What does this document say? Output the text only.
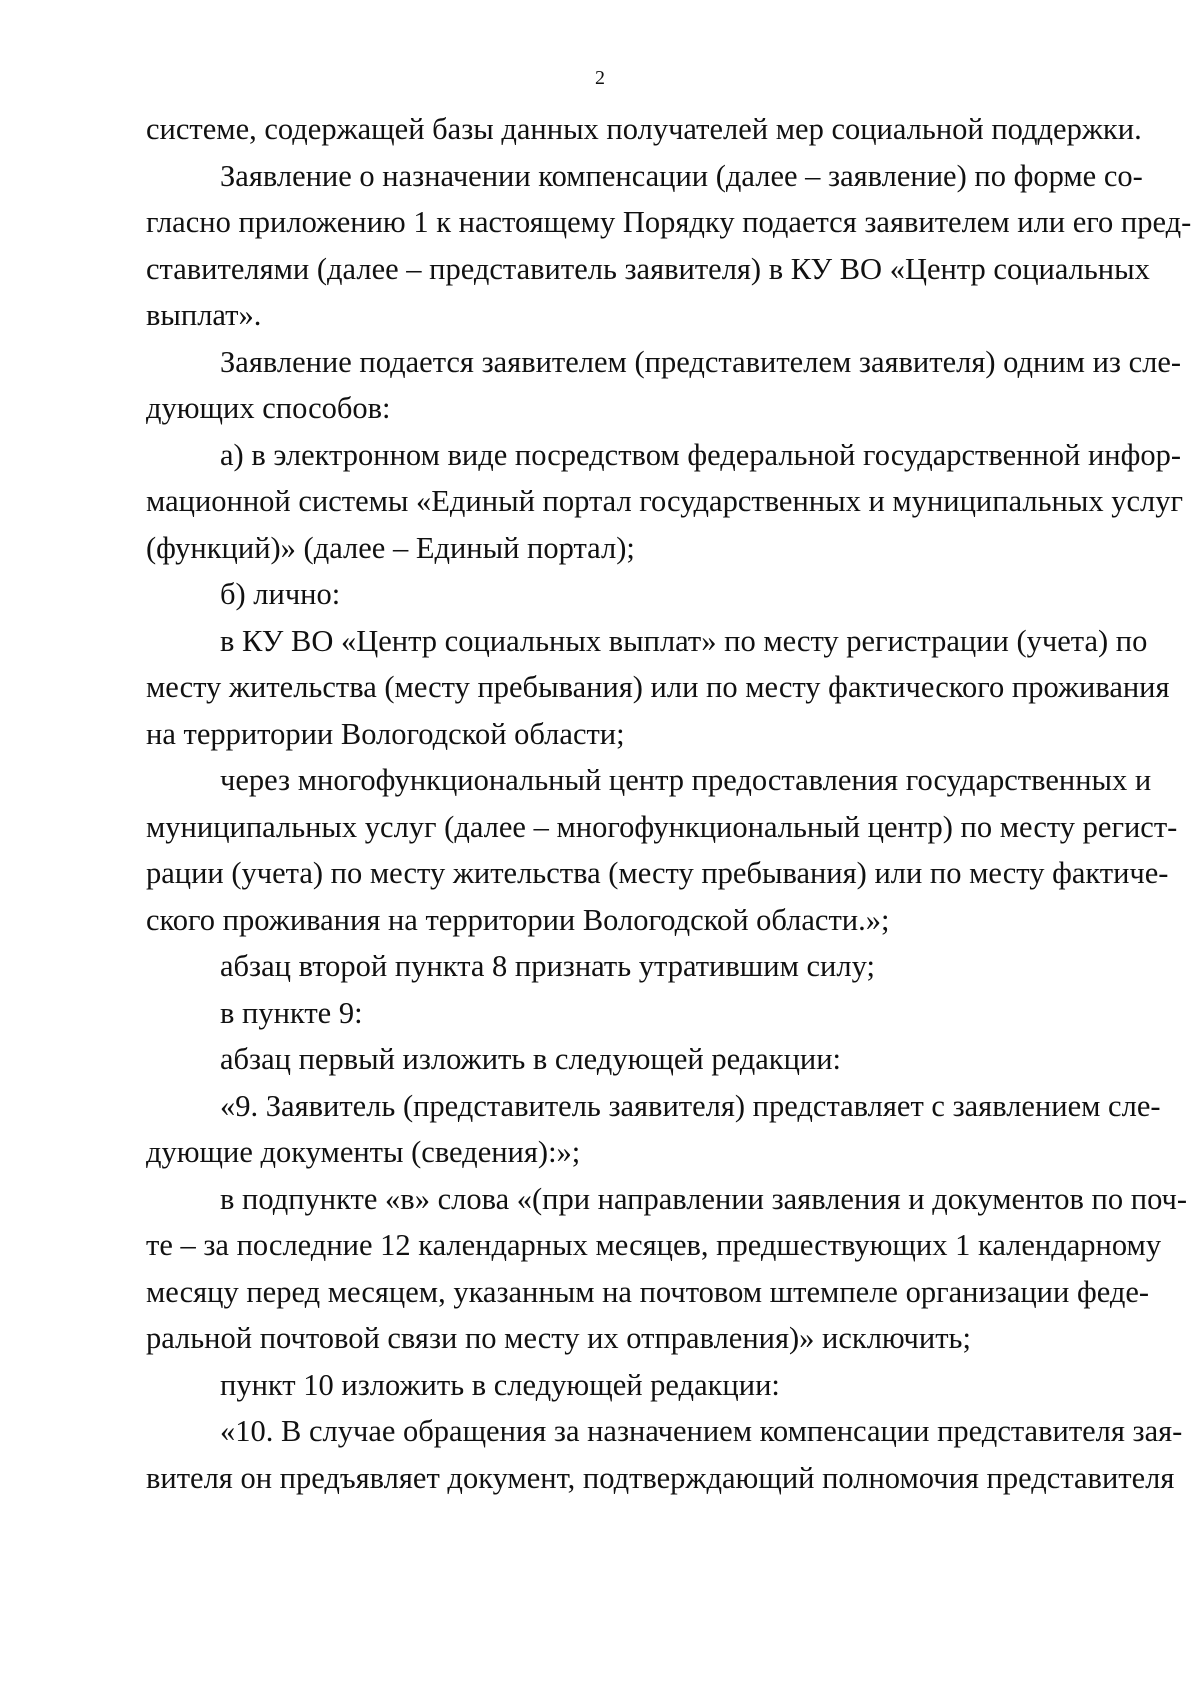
2
системе, содержащей базы данных получателей мер социальной поддержки.
Заявление о назначении компенсации (далее – заявление) по форме со-
гласно приложению 1 к настоящему Порядку подается заявителем или его пред-
ставителями (далее – представитель заявителя) в КУ ВО «Центр социальных
выплат».
Заявление подается заявителем (представителем заявителя) одним из сле-
дующих способов:
а) в электронном виде посредством федеральной государственной инфор-
мационной системы «Единый портал государственных и муниципальных услуг
(функций)» (далее – Единый портал);
б) лично:
в КУ ВО «Центр социальных выплат» по месту регистрации (учета) по
месту жительства (месту пребывания) или по месту фактического проживания
на территории Вологодской области;
через многофункциональный центр предоставления государственных и
муниципальных услуг (далее – многофункциональный центр) по месту регист-
рации (учета) по месту жительства (месту пребывания) или по месту фактиче-
ского проживания на территории Вологодской области.»;
абзац второй пункта 8 признать утратившим силу;
в пункте 9:
абзац первый изложить в следующей редакции:
«9. Заявитель (представитель заявителя) представляет с заявлением сле-
дующие документы (сведения):»;
в подпункте «в» слова «(при направлении заявления и документов по поч-
те – за последние 12 календарных месяцев, предшествующих 1 календарному
месяцу перед месяцем, указанным на почтовом штемпеле организации феде-
ральной почтовой связи по месту их отправления)» исключить;
пункт 10 изложить в следующей редакции:
«10. В случае обращения за назначением компенсации представителя зая-
вителя он предъявляет документ, подтверждающий полномочия представителя
